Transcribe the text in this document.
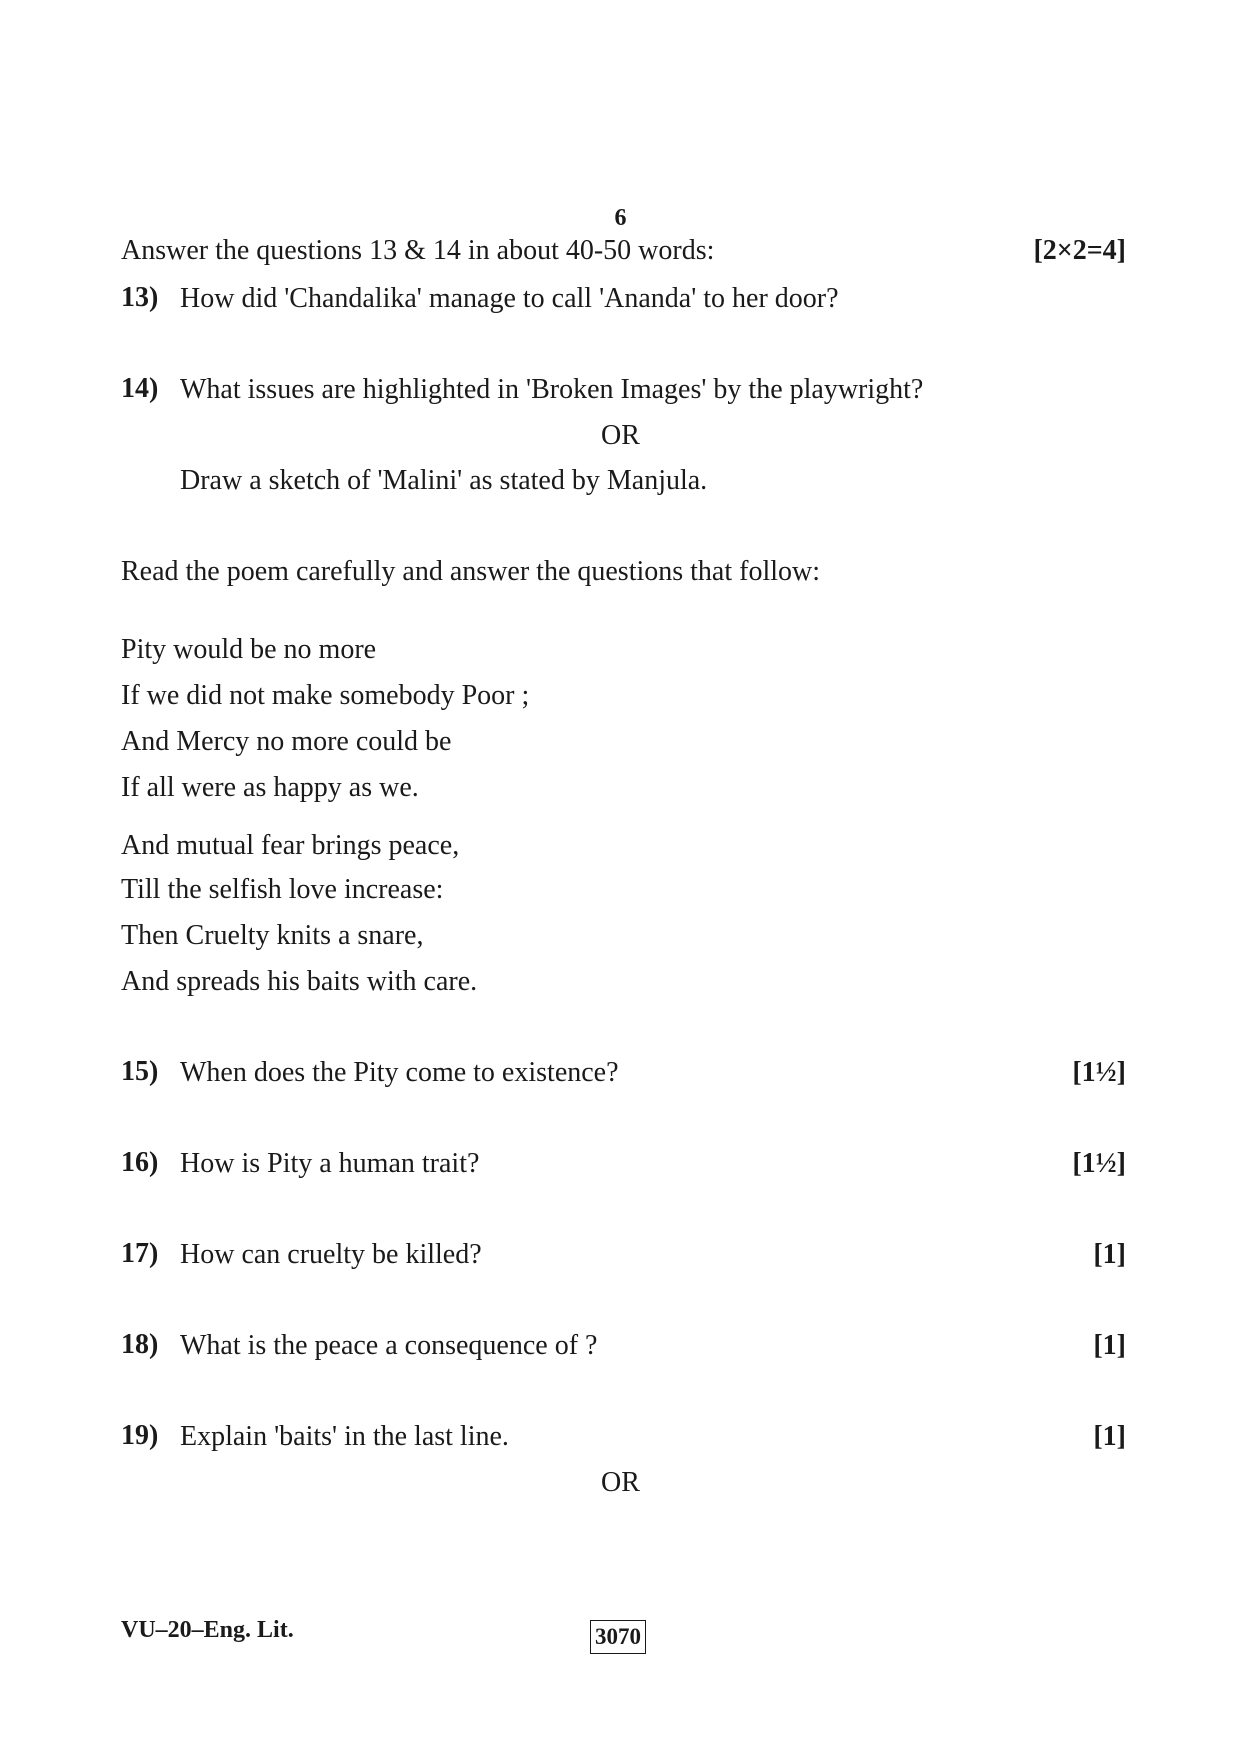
6
Answer the questions 13 & 14 in about 40-50 words:	[2×2=4]
13) How did 'Chandalika' manage to call 'Ananda' to her door?
14) What issues are highlighted in 'Broken Images' by the playwright?
OR
Draw a sketch of 'Malini' as stated by Manjula.
Read the poem carefully and answer the questions that follow:
Pity would be no more
If we did not make somebody Poor ;
And Mercy no more could be
If all were as happy as we.
And mutual fear brings peace,
Till the selfish love increase:
Then Cruelty knits a snare,
And spreads his baits with care.
15) When does the Pity come to existence?	[1½]
16) How is Pity a human trait?	[1½]
17) How can cruelty be killed?	[1]
18) What is the peace a consequence of ?	[1]
19) Explain 'baits' in the last line.	[1]
OR
VU–20–Eng. Lit.	3070
